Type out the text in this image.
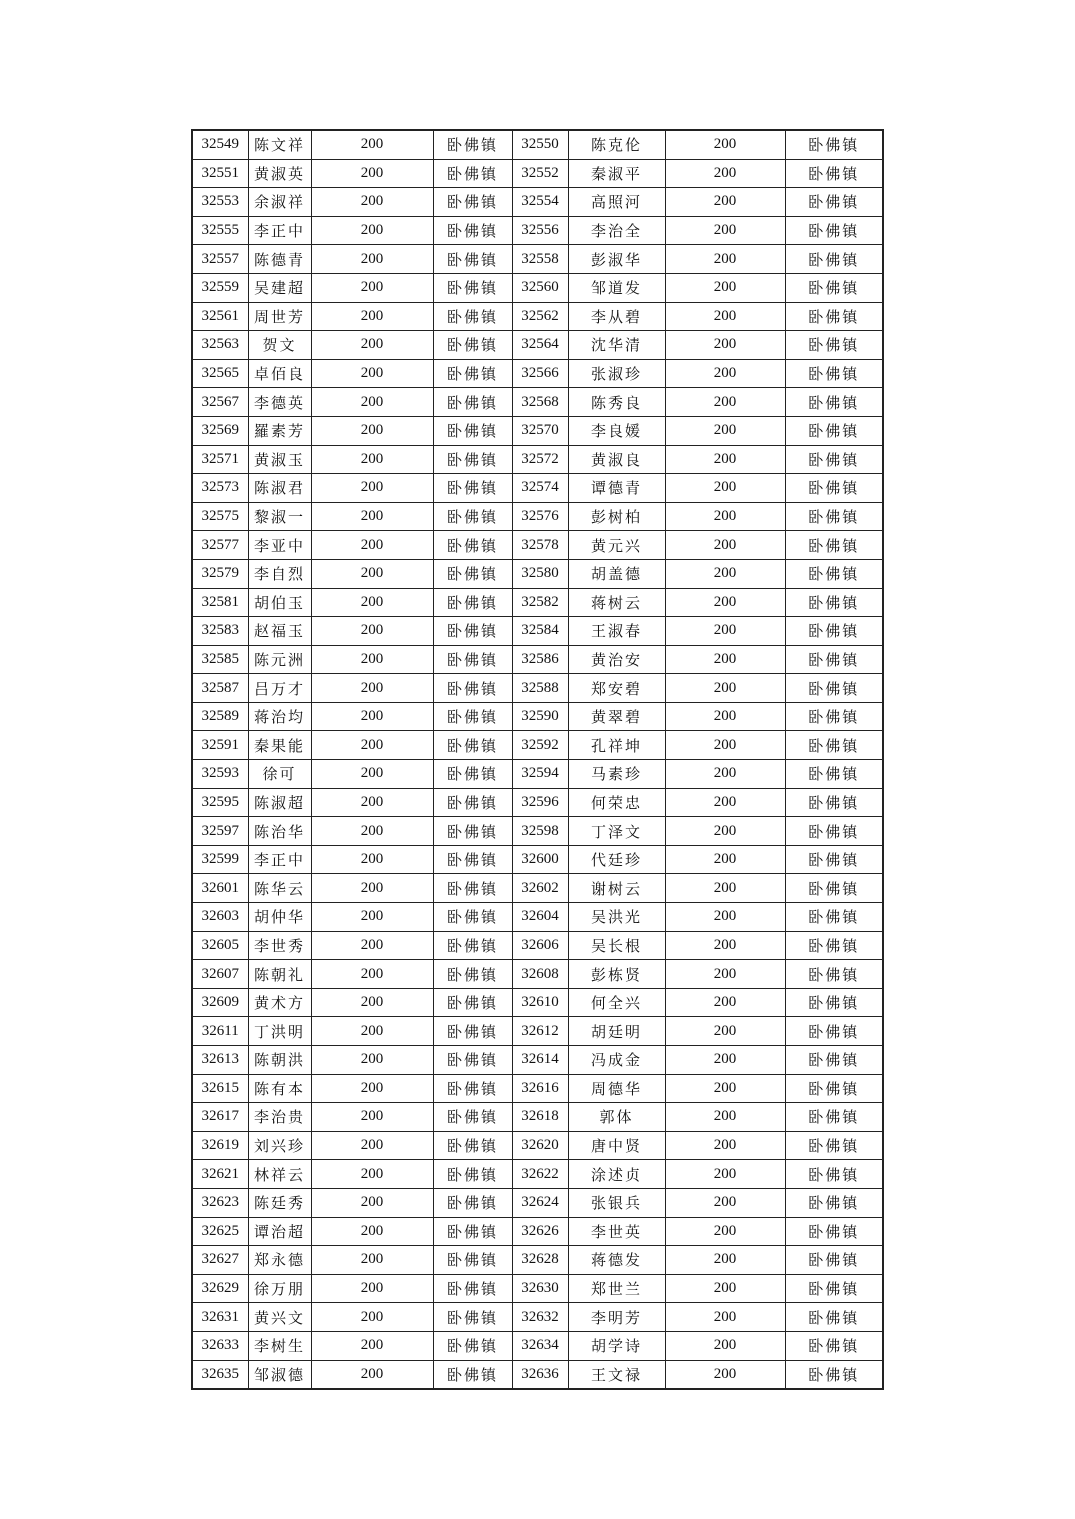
32549	陈文祥	200	卧佛镇	32550	陈克伦	200	卧佛镇
32551	黄淑英	200	卧佛镇	32552	秦淑平	200	卧佛镇
32553	余淑祥	200	卧佛镇	32554	高照河	200	卧佛镇
32555	李正中	200	卧佛镇	32556	李治全	200	卧佛镇
32557	陈德青	200	卧佛镇	32558	彭淑华	200	卧佛镇
32559	吴建超	200	卧佛镇	32560	邹道发	200	卧佛镇
32561	周世芳	200	卧佛镇	32562	李从碧	200	卧佛镇
32563	贺文	200	卧佛镇	32564	沈华清	200	卧佛镇
32565	卓佰良	200	卧佛镇	32566	张淑珍	200	卧佛镇
32567	李德英	200	卧佛镇	32568	陈秀良	200	卧佛镇
32569	羅素芳	200	卧佛镇	32570	李良媛	200	卧佛镇
32571	黄淑玉	200	卧佛镇	32572	黄淑良	200	卧佛镇
32573	陈淑君	200	卧佛镇	32574	谭德青	200	卧佛镇
32575	黎淑一	200	卧佛镇	32576	彭树柏	200	卧佛镇
32577	李亚中	200	卧佛镇	32578	黄元兴	200	卧佛镇
32579	李自烈	200	卧佛镇	32580	胡盖德	200	卧佛镇
32581	胡伯玉	200	卧佛镇	32582	蒋树云	200	卧佛镇
32583	赵福玉	200	卧佛镇	32584	王淑春	200	卧佛镇
32585	陈元洲	200	卧佛镇	32586	黄治安	200	卧佛镇
32587	吕万才	200	卧佛镇	32588	郑安碧	200	卧佛镇
32589	蒋治均	200	卧佛镇	32590	黄翠碧	200	卧佛镇
32591	秦果能	200	卧佛镇	32592	孔祥坤	200	卧佛镇
32593	徐可	200	卧佛镇	32594	马素珍	200	卧佛镇
32595	陈淑超	200	卧佛镇	32596	何荣忠	200	卧佛镇
32597	陈治华	200	卧佛镇	32598	丁泽文	200	卧佛镇
32599	李正中	200	卧佛镇	32600	代廷珍	200	卧佛镇
32601	陈华云	200	卧佛镇	32602	谢树云	200	卧佛镇
32603	胡仲华	200	卧佛镇	32604	吴洪光	200	卧佛镇
32605	李世秀	200	卧佛镇	32606	吴长根	200	卧佛镇
32607	陈朝礼	200	卧佛镇	32608	彭栋贤	200	卧佛镇
32609	黄术方	200	卧佛镇	32610	何全兴	200	卧佛镇
32611	丁洪明	200	卧佛镇	32612	胡廷明	200	卧佛镇
32613	陈朝洪	200	卧佛镇	32614	冯成金	200	卧佛镇
32615	陈有本	200	卧佛镇	32616	周德华	200	卧佛镇
32617	李治贵	200	卧佛镇	32618	郭体	200	卧佛镇
32619	刘兴珍	200	卧佛镇	32620	唐中贤	200	卧佛镇
32621	林祥云	200	卧佛镇	32622	涂述贞	200	卧佛镇
32623	陈廷秀	200	卧佛镇	32624	张银兵	200	卧佛镇
32625	谭治超	200	卧佛镇	32626	李世英	200	卧佛镇
32627	郑永德	200	卧佛镇	32628	蒋德发	200	卧佛镇
32629	徐万朋	200	卧佛镇	32630	郑世兰	200	卧佛镇
32631	黄兴文	200	卧佛镇	32632	李明芳	200	卧佛镇
32633	李树生	200	卧佛镇	32634	胡学诗	200	卧佛镇
32635	邹淑德	200	卧佛镇	32636	王文禄	200	卧佛镇
